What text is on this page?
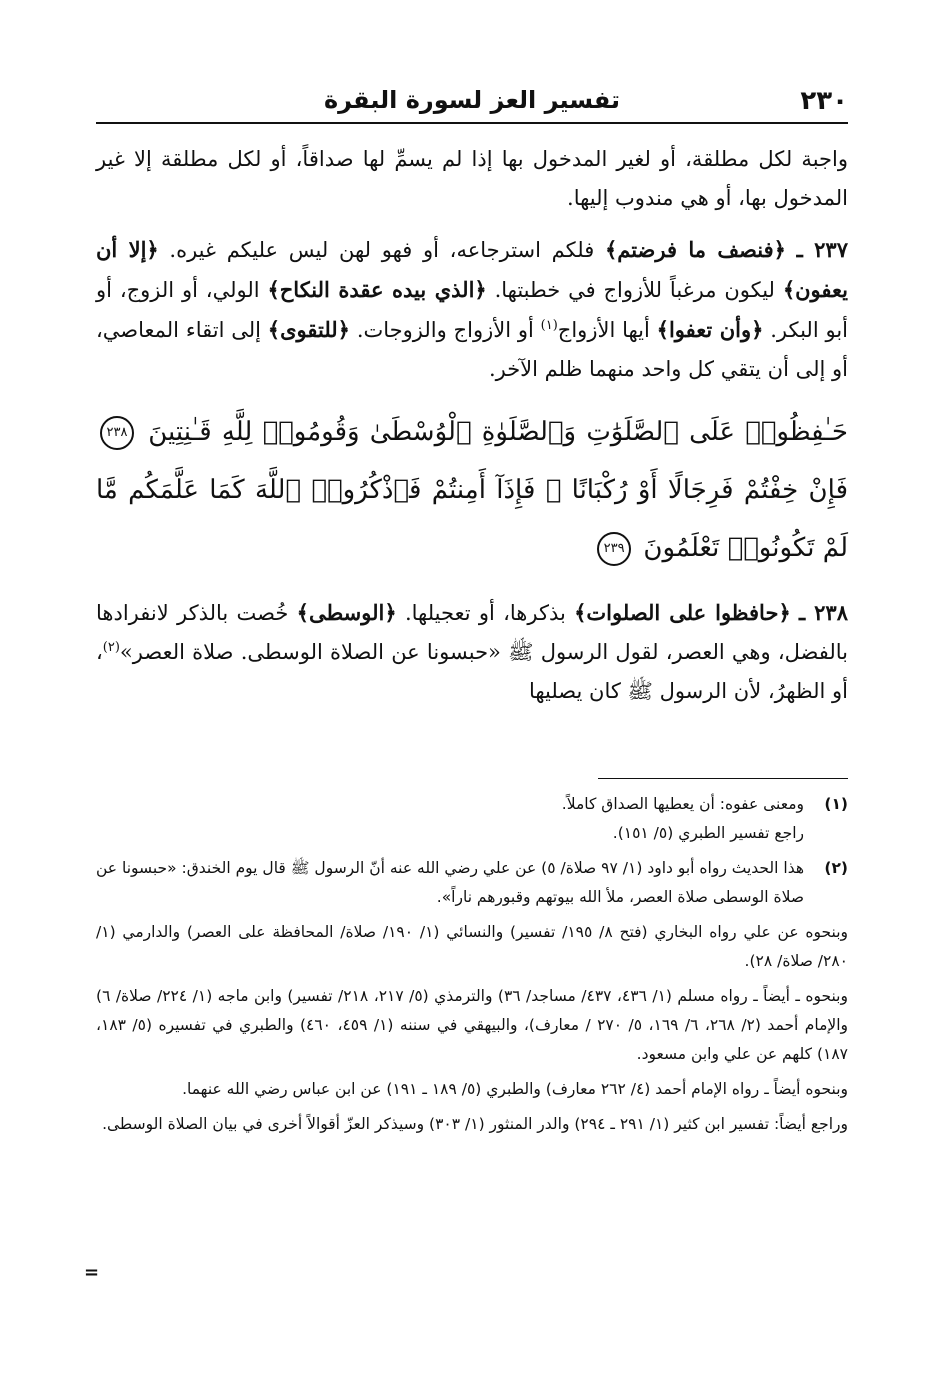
٢٣٠
تفسير العز لسورة البقرة

واجبة لكل مطلقة، أو لغير المدخول بها إذا لم يسمِّ لها صداقاً، أو لكل مطلقة إلا غير المدخول بها، أو هي مندوب إليها.

٢٣٧ ـ ﴿فنصف ما فرضتم﴾ فلكم استرجاعه، أو فهو لهن ليس عليكم غيره. ﴿إلا أن يعفون﴾ ليكون مرغباً للأزواج في خطبتها. ﴿الذي بيده عقدة النكاح﴾ الولي، أو الزوج، أو أبو البكر. ﴿وأن تعفوا﴾ أيها الأزواج$^{(١)}$ أو الأزواج والزوجات. ﴿للتقوى﴾ إلى اتقاء المعاصي، أو إلى أن يتقي كل واحد منهما ظلم الآخر.

حَـٰفِظُوا۟ عَلَى ٱلصَّلَوَٰتِ وَٱلصَّلَوٰةِ ٱلْوُسْطَىٰ وَقُومُوا۟ لِلَّهِ قَـٰنِتِينَ ٢٣٨ فَإِنْ خِفْتُمْ فَرِجَالًا أَوْ رُكْبَانًا ۖ فَإِذَآ أَمِنتُمْ فَٱذْكُرُوا۟ ٱللَّهَ كَمَا عَلَّمَكُم مَّا لَمْ تَكُونُوا۟ تَعْلَمُونَ ٢٣٩

٢٣٨ ـ ﴿حافظوا على الصلوات﴾ بذكرها، أو تعجيلها. ﴿الوسطى﴾ خُصت بالذكر لانفرادها بالفضل، وهي العصر، لقول الرسول ﷺ «حبسونا عن الصلاة الوسطى. صلاة العصر»$^{(٢)}$، أو الظهرُ، لأن الرسول ﷺ كان يصليها

(١)

ومعنى عفوه: أن يعطيها الصداق كاملاً.

راجع تفسير الطبري (٥/ ١٥١).

(٢)

هذا الحديث رواه أبو داود (١/ ٩٧ صلاة/ ٥) عن علي رضي الله عنه أنّ الرسول ﷺ قال يوم الخندق: «حبسونا عن صلاة الوسطى صلاة العصر، ملأ الله بيوتهم وقبورهم ناراً».

وبنحوه عن علي رواه البخاري (فتح ٨/ ١٩٥/ تفسير) والنسائي (١/ ١٩٠/ صلاة/ المحافظة على العصر) والدارمي (١/ ٢٨٠/ صلاة/ ٢٨).

وبنحوه ـ أيضاً ـ رواه مسلم (١/ ٤٣٦، ٤٣٧/ مساجد/ ٣٦) والترمذي (٥/ ٢١٧، ٢١٨/ تفسير) وابن ماجه (١/ ٢٢٤/ صلاة/ ٦) والإمام أحمد (٢/ ٢٦٨، ٦/ ١٦٩، ٥/ ٢٧٠ / معارف)، والبيهقي في سننه (١/ ٤٥٩، ٤٦٠) والطبري في تفسيره (٥/ ١٨٣، ١٨٧) كلهم عن علي وابن مسعود.

وبنحوه أيضاً ـ رواه الإمام أحمد (٤/ ٢٦٢ معارف) والطبري (٥/ ١٨٩ ـ ١٩١) عن ابن عباس رضي الله عنهما.

وراجع أيضاً: تفسير ابن كثير (١/ ٢٩١ ـ ٢٩٤) والدر المنثور (١/ ٣٠٣) وسيذكر العزّ أقوالاً أخرى في بيان الصلاة الوسطى.

=
